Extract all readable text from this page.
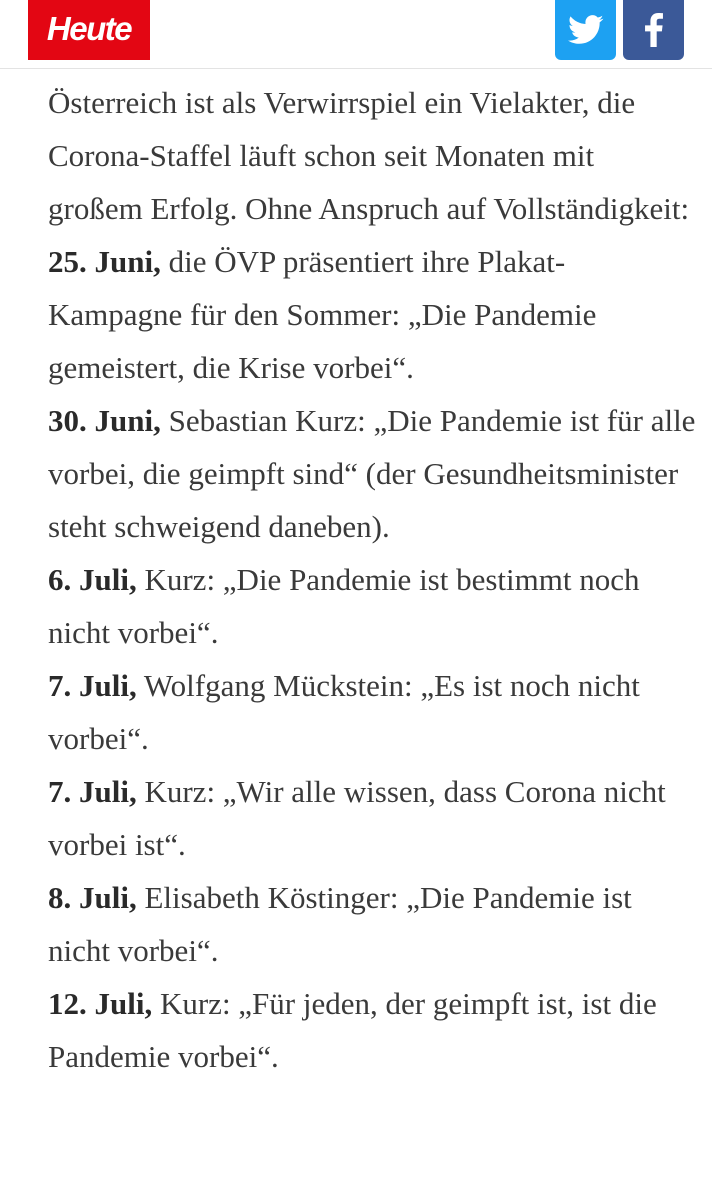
Heute

Österreich ist als Verwirrspiel ein Vielakter, die Corona-Staffel läuft schon seit Monaten mit großem Erfolg. Ohne Anspruch auf Vollständigkeit:

25. Juni, die ÖVP präsentiert ihre Plakat-Kampagne für den Sommer: „Die Pandemie gemeistert, die Krise vorbei“.

30. Juni, Sebastian Kurz: „Die Pandemie ist für alle vorbei, die geimpft sind“ (der Gesundheitsminister steht schweigend daneben).

6. Juli, Kurz: „Die Pandemie ist bestimmt noch nicht vorbei“.

7. Juli, Wolfgang Mückstein: „Es ist noch nicht vorbei“.

7. Juli, Kurz: „Wir alle wissen, dass Corona nicht vorbei ist“.

8. Juli, Elisabeth Köstinger: „Die Pandemie ist nicht vorbei“.

12. Juli, Kurz: „Für jeden, der geimpft ist, ist die Pandemie vorbei“.
